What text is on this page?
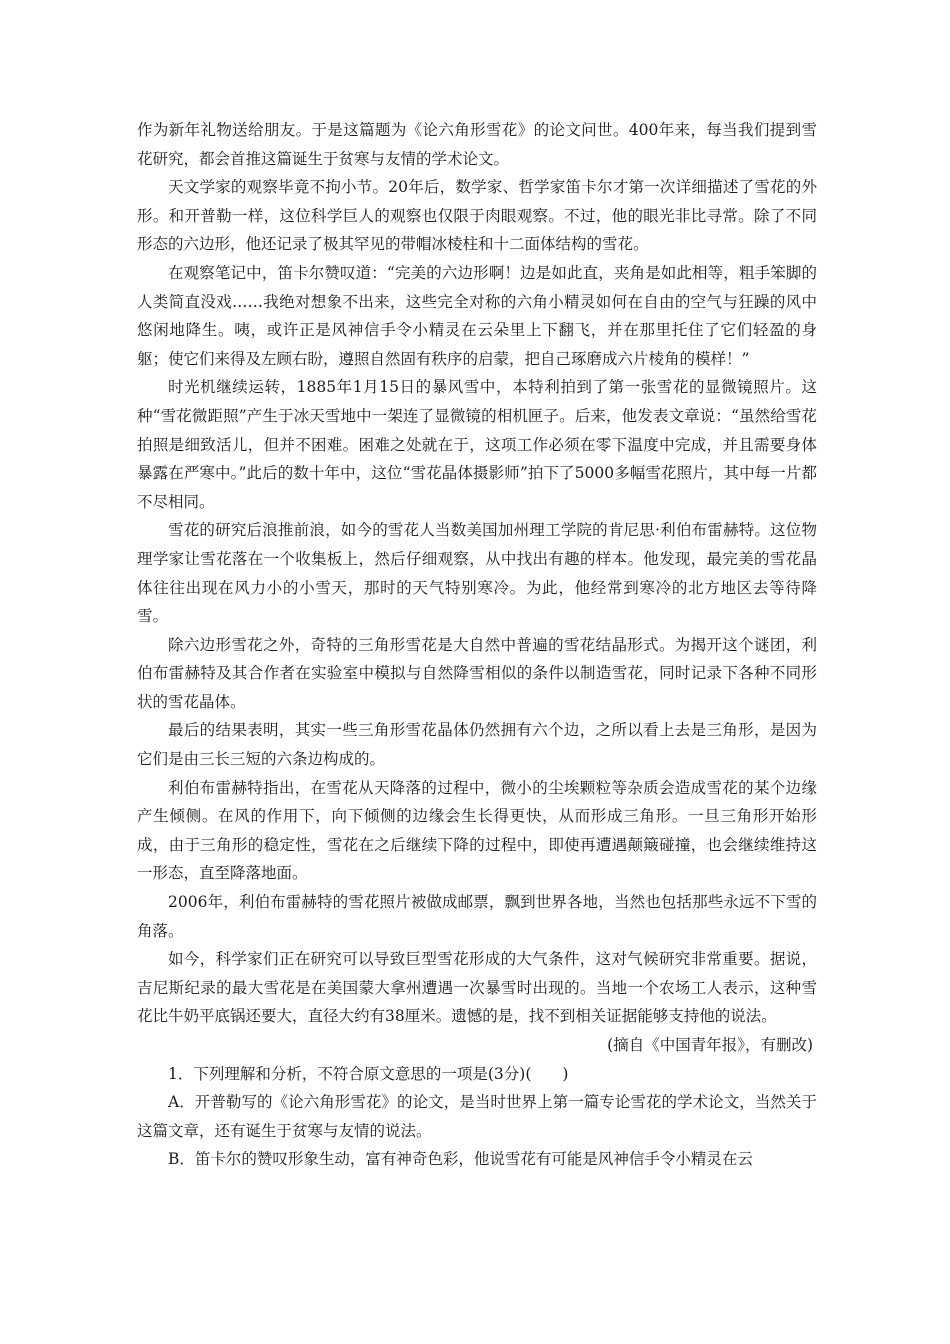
作为新年礼物送给朋友。于是这篇题为《论六角形雪花》的论文问世。400年来，每当我们提到雪花研究，都会首推这篇诞生于贫寒与友情的学术论文。

天文学家的观察毕竟不拘小节。20年后，数学家、哲学家笛卡尔才第一次详细描述了雪花的外形。和开普勒一样，这位科学巨人的观察也仅限于肉眼观察。不过，他的眼光非比寻常。除了不同形态的六边形，他还记录了极其罕见的带帽冰棱柱和十二面体结构的雪花。

在观察笔记中，笛卡尔赞叹道：“完美的六边形啊！边是如此直，夹角是如此相等，粗手笨脚的人类简直没戏……我绝对想象不出来，这些完全对称的六角小精灵如何在自由的空气与狂躁的风中悠闲地降生。咦，或许正是风神信手令小精灵在云朵里上下翻飞，并在那里托住了它们轻盈的身躯；使它们来得及左顾右盼，遵照自然固有秩序的启蒙，把自己琢磨成六片棱角的模样！”

时光机继续运转，1885年1月15日的暴风雪中，本特利拍到了第一张雪花的显微镜照片。这种“雪花微距照”产生于冰天雪地中一架连了显微镜的相机匣子。后来，他发表文章说：“虽然给雪花拍照是细致活儿，但并不困难。困难之处就在于，这项工作必须在零下温度中完成，并且需要身体暴露在严寒中。”此后的数十年中，这位“雪花晶体摄影师”拍下了5000多幅雪花照片，其中每一片都不尽相同。

雪花的研究后浪推前浪，如今的雪花人当数美国加州理工学院的肯尼思·利伯布雷赫特。这位物理学家让雪花落在一个收集板上，然后仔细观察，从中找出有趣的样本。他发现，最完美的雪花晶体往往出现在风力小的小雪天，那时的天气特别寒冷。为此，他经常到寒冷的北方地区去等待降雪。

除六边形雪花之外，奇特的三角形雪花是大自然中普遍的雪花结晶形式。为揭开这个谜团，利伯布雷赫特及其合作者在实验室中模拟与自然降雪相似的条件以制造雪花，同时记录下各种不同形状的雪花晶体。

最后的结果表明，其实一些三角形雪花晶体仍然拥有六个边，之所以看上去是三角形，是因为它们是由三长三短的六条边构成的。

利伯布雷赫特指出，在雪花从天降落的过程中，微小的尘埃颗粒等杂质会造成雪花的某个边缘产生倾侧。在风的作用下，向下倾侧的边缘会生长得更快，从而形成三角形。一旦三角形开始形成，由于三角形的稳定性，雪花在之后继续下降的过程中，即使再遭遇颠簸碰撞，也会继续维持这一形态，直至降落地面。

2006年，利伯布雷赫特的雪花照片被做成邮票，飘到世界各地，当然也包括那些永远不下雪的角落。

如今，科学家们正在研究可以导致巨型雪花形成的大气条件，这对气候研究非常重要。据说，吉尼斯纪录的最大雪花是在美国蒙大拿州遭遇一次暴雪时出现的。当地一个农场工人表示，这种雪花比牛奶平底锅还要大，直径大约有38厘米。遗憾的是，找不到相关证据能够支持他的说法。

(摘自《中国青年报》，有删改)

1．下列理解和分析，不符合原文意思的一项是(3分)(　　)

A．开普勒写的《论六角形雪花》的论文，是当时世界上第一篇专论雪花的学术论文，当然关于这篇文章，还有诞生于贫寒与友情的说法。

B．笛卡尔的赞叹形象生动，富有神奇色彩，他说雪花有可能是风神信手令小精灵在云
